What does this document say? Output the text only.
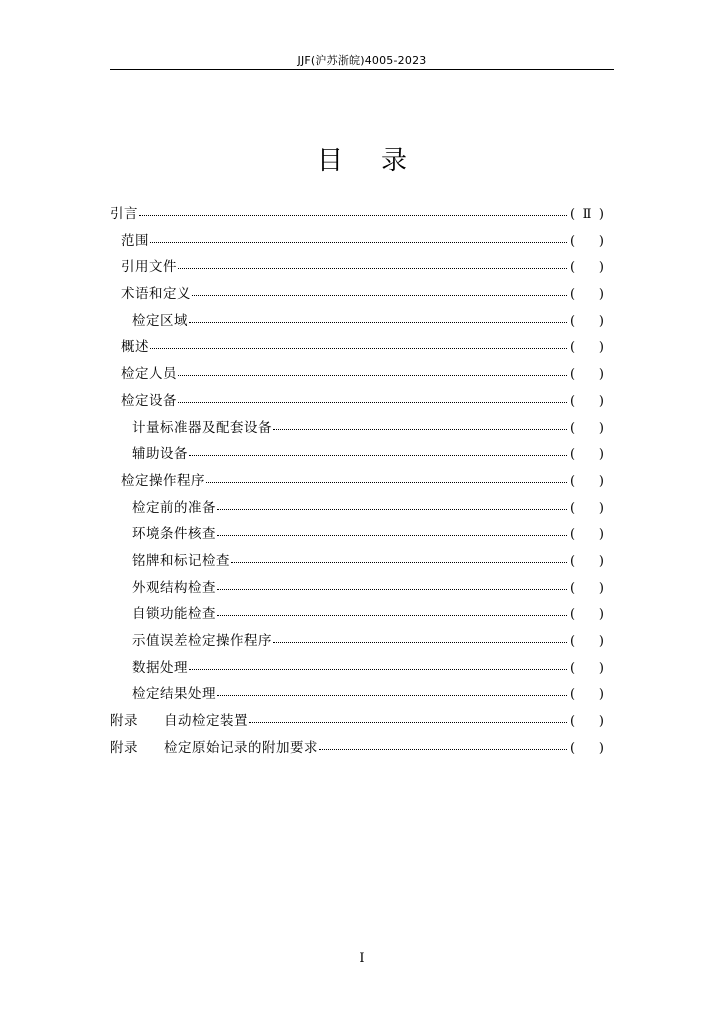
JJF(沪苏浙皖)4005-2023
目录
引言	( Ⅱ )
范围	( )
引用文件	( )
术语和定义	( )
检定区域	( )
概述	( )
检定人员	( )
检定设备	( )
计量标准器及配套设备	( )
辅助设备	( )
检定操作程序	( )
检定前的准备	( )
环境条件核查	( )
铭牌和标记检查	( )
外观结构检查	( )
自锁功能检查	( )
示值误差检定操作程序	( )
数据处理	( )
检定结果处理	( )
附录 自动检定装置	( )
附录 检定原始记录的附加要求	( )
I
